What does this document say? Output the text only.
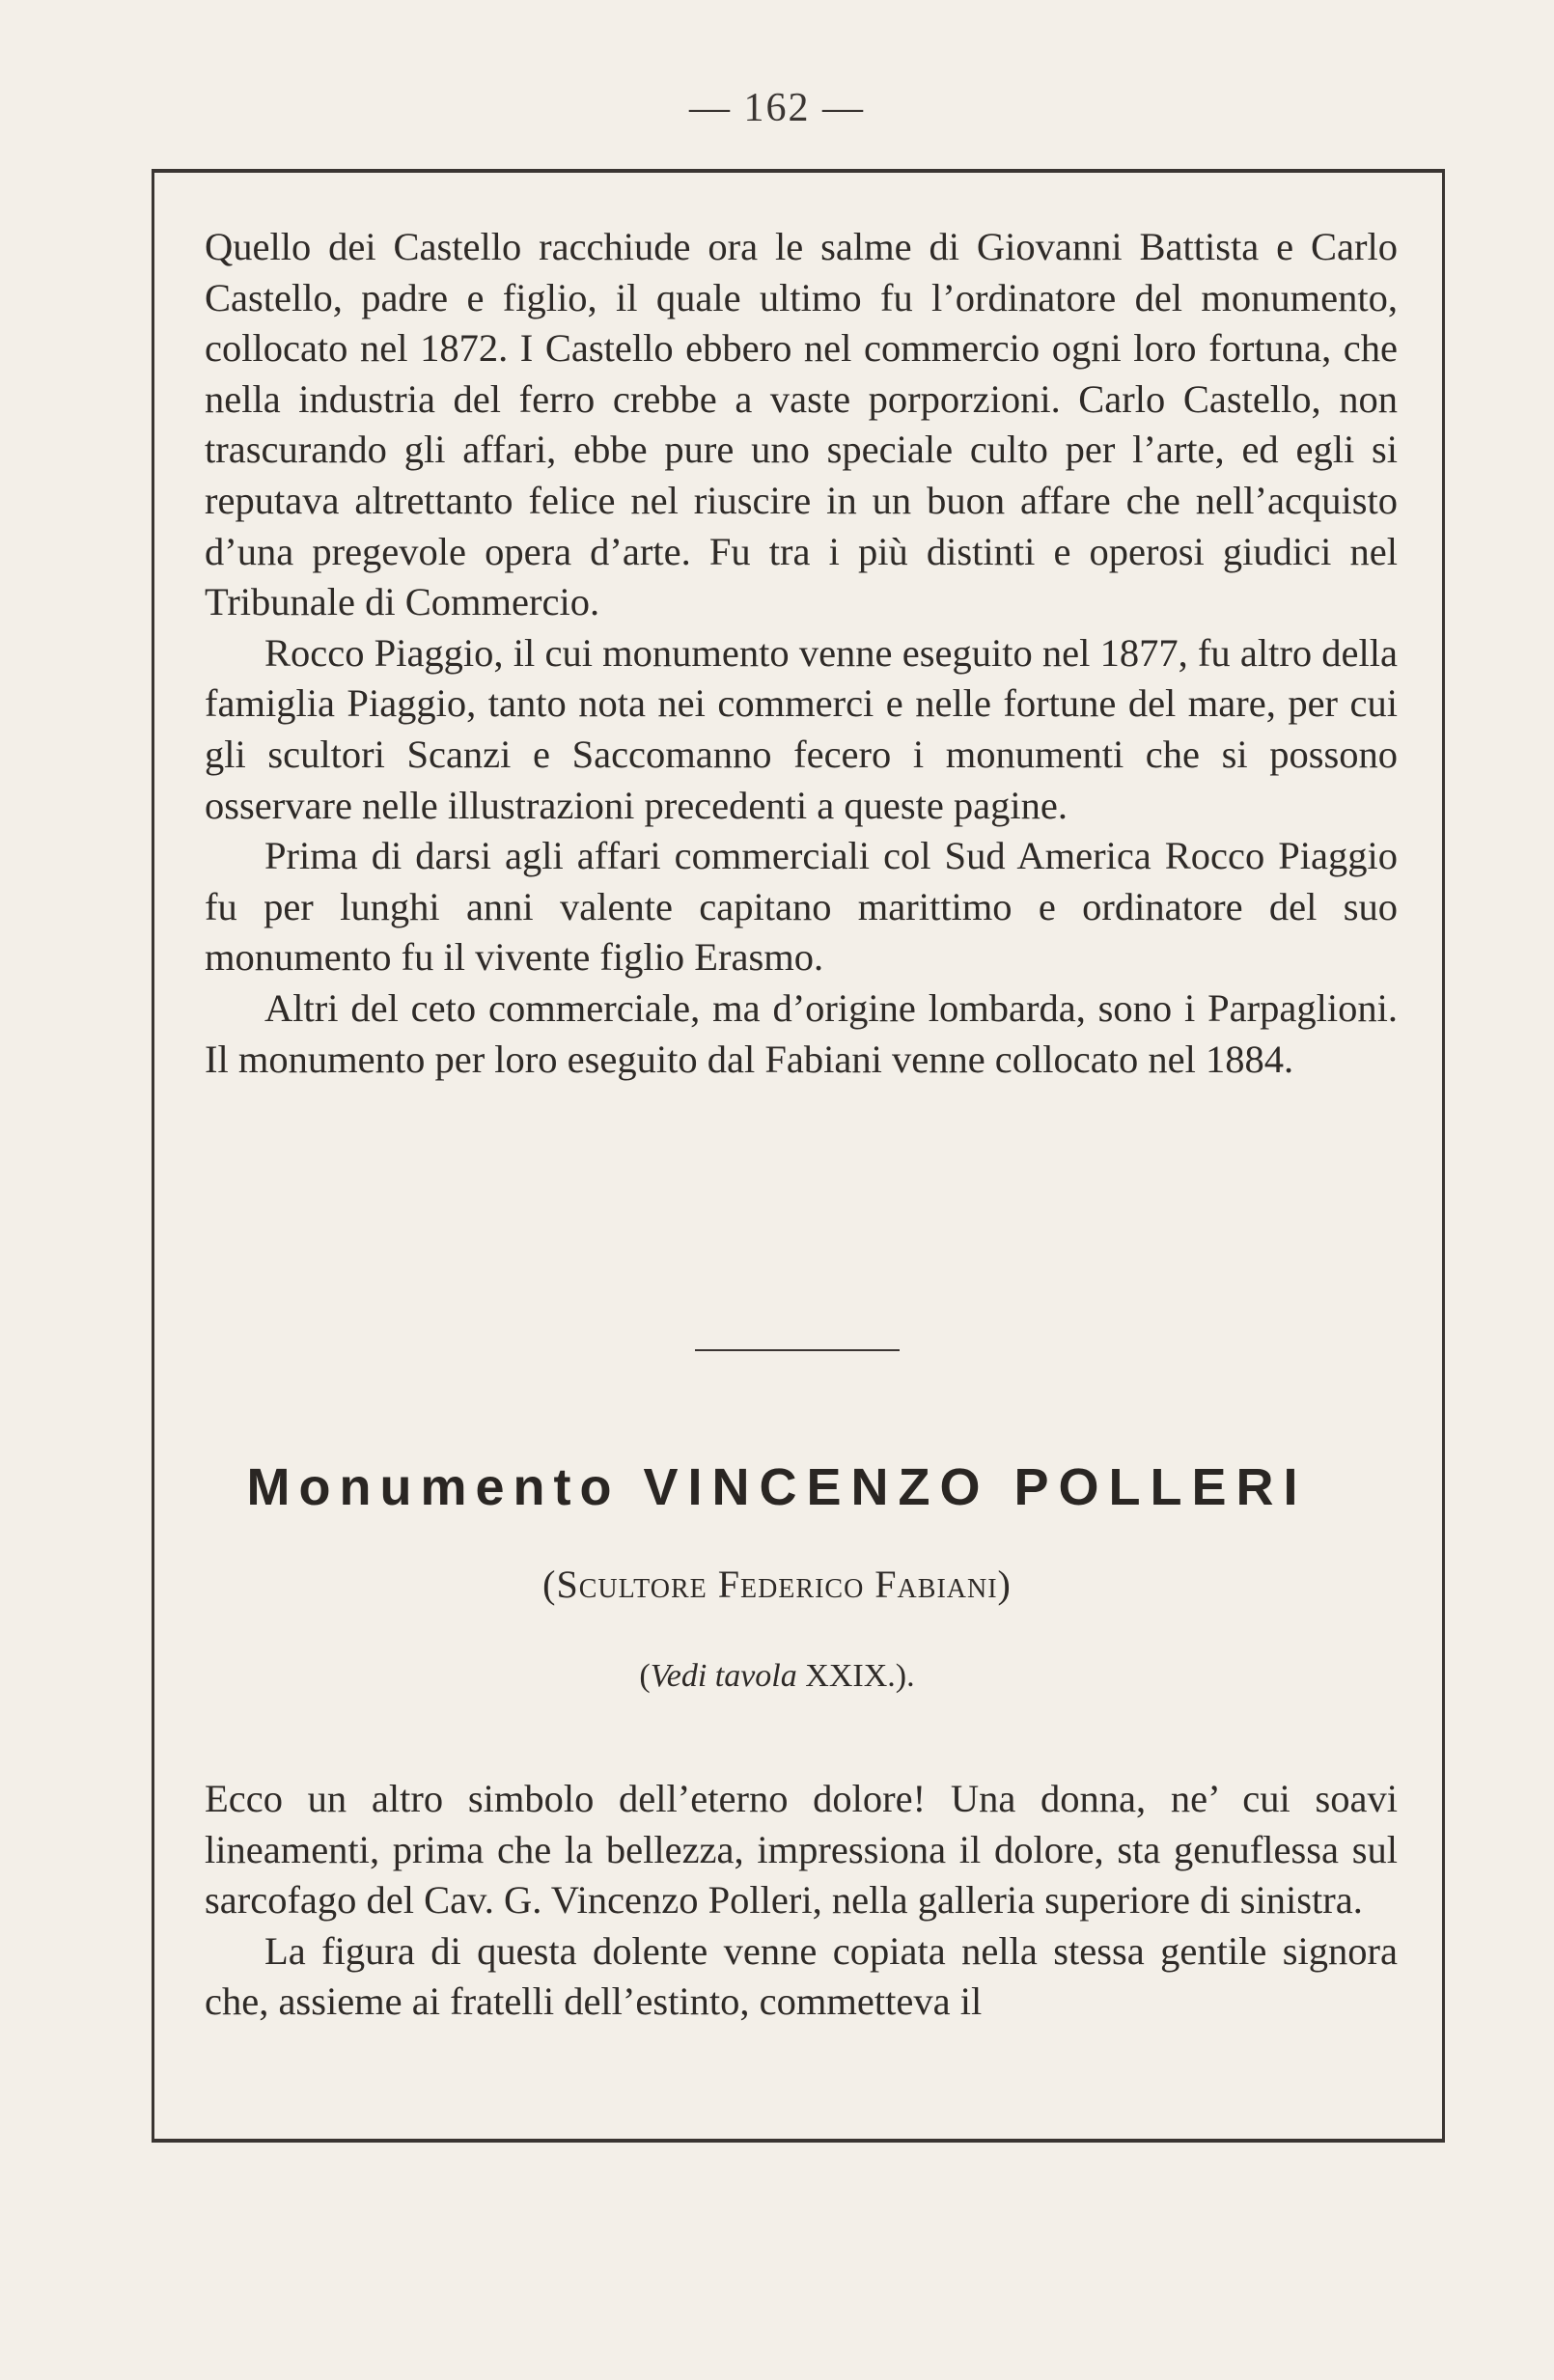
— 162 —

Quello dei Castello racchiude ora le salme di Giovanni Battista e Carlo Castello, padre e figlio, il quale ultimo fu l’ordinatore del monumento, collocato nel 1872. I Castello ebbero nel commercio ogni loro fortuna, che nella industria del ferro crebbe a vaste porporzioni. Carlo Castello, non trascurando gli affari, ebbe pure uno speciale culto per l’arte, ed egli si reputava altrettanto felice nel riuscire in un buon affare che nell’acquisto d’una pregevole opera d’arte. Fu tra i più distinti e operosi giudici nel Tribunale di Commercio.

Rocco Piaggio, il cui monumento venne eseguito nel 1877, fu altro della famiglia Piaggio, tanto nota nei commerci e nelle fortune del mare, per cui gli scultori Scanzi e Saccomanno fecero i monumenti che si possono osservare nelle illustrazioni precedenti a queste pagine.

Prima di darsi agli affari commerciali col Sud America Rocco Piaggio fu per lunghi anni valente capitano marittimo e ordinatore del suo monumento fu il vivente figlio Erasmo.

Altri del ceto commerciale, ma d’origine lombarda, sono i Parpaglioni. Il monumento per loro eseguito dal Fabiani venne collocato nel 1884.

Monumento VINCENZO POLLERI
(Scultore Federico Fabiani)
(Vedi tavola XXIX.).

Ecco un altro simbolo dell’eterno dolore! Una donna, ne’ cui soavi lineamenti, prima che la bellezza, impressiona il dolore, sta genuflessa sul sarcofago del Cav. G. Vincenzo Polleri, nella galleria superiore di sinistra.

La figura di questa dolente venne copiata nella stessa gentile signora che, assieme ai fratelli dell’estinto, commetteva il
